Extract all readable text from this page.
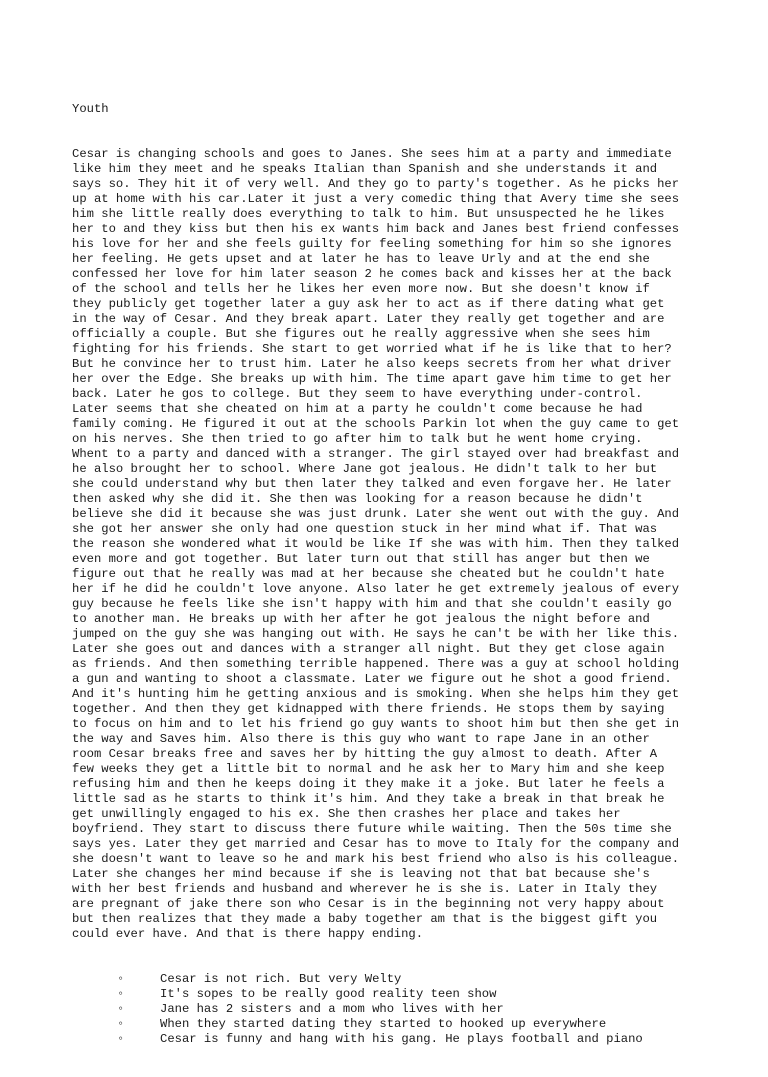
Youth

Cesar is changing schools and goes to Janes. She sees him at a party and immediate
like him they meet and he speaks Italian than Spanish and she understands it and
says so. They hit it of very well. And they go to party's together. As he picks her
up at home with his car.Later it just a very comedic thing that Avery time she sees
him she little really does everything to talk to him. But unsuspected he he likes
her to and they kiss but then his ex wants him back and Janes best friend confesses
his love for her and she feels guilty for feeling something for him so she ignores
her feeling. He gets upset and at later he has to leave Urly and at the end she
confessed her love for him later season 2 he comes back and kisses her at the back
of the school and tells her he likes her even more now. But she doesn't know if
they publicly get together later a guy ask her to act as if there dating what get
in the way of Cesar. And they break apart. Later they really get together and are
officially a couple. But she figures out he really aggressive when she sees him
fighting for his friends. She start to get worried what if he is like that to her?
But he convince her to trust him. Later he also keeps secrets from her what driver
her over the Edge. She breaks up with him. The time apart gave him time to get her
back. Later he gos to college. But they seem to have everything under-control.
Later seems that she cheated on him at a party he couldn't come because he had
family coming. He figured it out at the schools Parkin lot when the guy came to get
on his nerves. She then tried to go after him to talk but he went home crying.
Whent to a party and danced with a stranger. The girl stayed over had breakfast and
he also brought her to school. Where Jane got jealous. He didn't talk to her but
she could understand why but then later they talked and even forgave her. He later
then asked why she did it. She then was looking for a reason because he didn't
believe she did it because she was just drunk. Later she went out with the guy. And
she got her answer she only had one question stuck in her mind what if. That was
the reason she wondered what it would be like If she was with him. Then they talked
even more and got together. But later turn out that still has anger but then we
figure out that he really was mad at her because she cheated but he couldn't hate
her if he did he couldn't love anyone. Also later he get extremely jealous of every
guy because he feels like she isn't happy with him and that she couldn't easily go
to another man. He breaks up with her after he got jealous the night before and
jumped on the guy she was hanging out with. He says he can't be with her like this.
Later she goes out and dances with a stranger all night. But they get close again
as friends. And then something terrible happened. There was a guy at school holding
a gun and wanting to shoot a classmate. Later we figure out he shot a good friend.
And it's hunting him he getting anxious and is smoking. When she helps him they get
together. And then they get kidnapped with there friends. He stops them by saying
to focus on him and to let his friend go guy wants to shoot him but then she get in
the way and Saves him. Also there is this guy who want to rape Jane in an other
room Cesar breaks free and saves her by hitting the guy almost to death. After A
few weeks they get a little bit to normal and he ask her to Mary him and she keep
refusing him and then he keeps doing it they make it a joke. But later he feels a
little sad as he starts to think it's him. And they take a break in that break he
get unwillingly engaged to his ex. She then crashes her place and takes her
boyfriend. They start to discuss there future while waiting. Then the 50s time she
says yes. Later they get married and Cesar has to move to Italy for the company and
she doesn't want to leave so he and mark his best friend who also is his colleague.
Later she changes her mind because if she is leaving not that bat because she's
with her best friends and husband and wherever he is she is. Later in Italy they
are pregnant of jake there son who Cesar is in the beginning not very happy about
but then realizes that they made a baby together am that is the biggest gift you
could ever have. And that is there happy ending.

◦	Cesar is not rich. But very Welty
◦	It's sopes to be really good reality teen show
◦	Jane has 2 sisters and a mom who lives with her
◦	When they started dating they started to hooked up everywhere
◦	Cesar is funny and hang with his gang. He plays football and piano
